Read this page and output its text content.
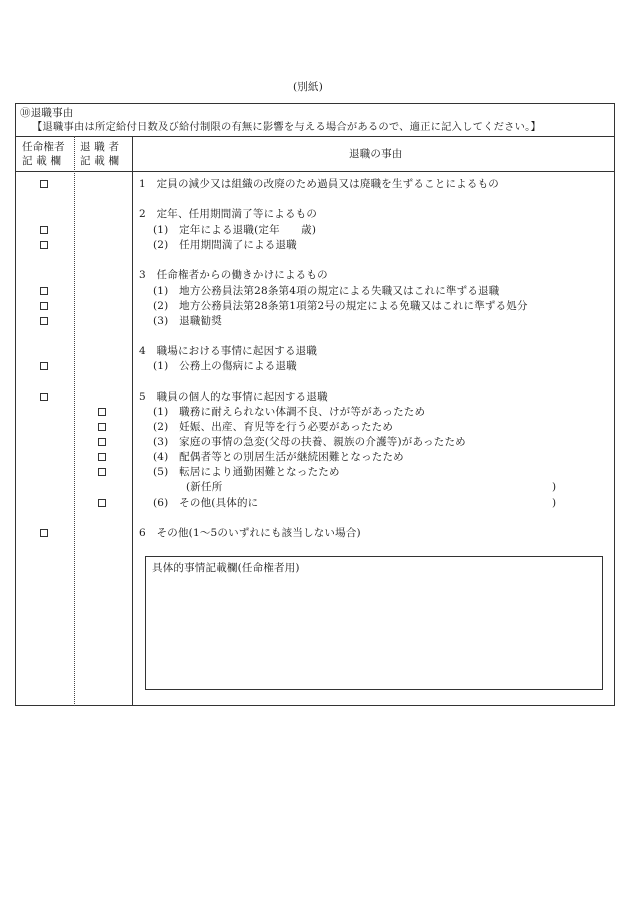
(別紙)
⑩退職事由
【退職事由は所定給付日数及び給付制限の有無に影響を与える場合があるので、適正に記入してください。】
任命権者
記 載 欄
退 職 者
記 載 欄
退職の事由
1　定員の減少又は組織の改廃のため過員又は廃職を生ずることによるもの
2　定年、任用期間満了等によるもの
(1)　定年による退職(定年　　歳)
(2)　任用期間満了による退職
3　任命権者からの働きかけによるもの
(1)　地方公務員法第28条第4項の規定による失職又はこれに準ずる退職
(2)　地方公務員法第28条第1項第2号の規定による免職又はこれに準ずる処分
(3)　退職勧奨
4　職場における事情に起因する退職
(1)　公務上の傷病による退職
5　職員の個人的な事情に起因する退職
(1)　職務に耐えられない体調不良、けが等があったため
(2)　妊娠、出産、育児等を行う必要があったため
(3)　家庭の事情の急変(父母の扶養、親族の介護等)があったため
(4)　配偶者等との別居生活が継続困難となったため
(5)　転居により通勤困難となったため
(新任所	)
(6)　その他(具体的に	)
6　その他(1～5のいずれにも該当しない場合)
具体的事情記載欄(任命権者用)
